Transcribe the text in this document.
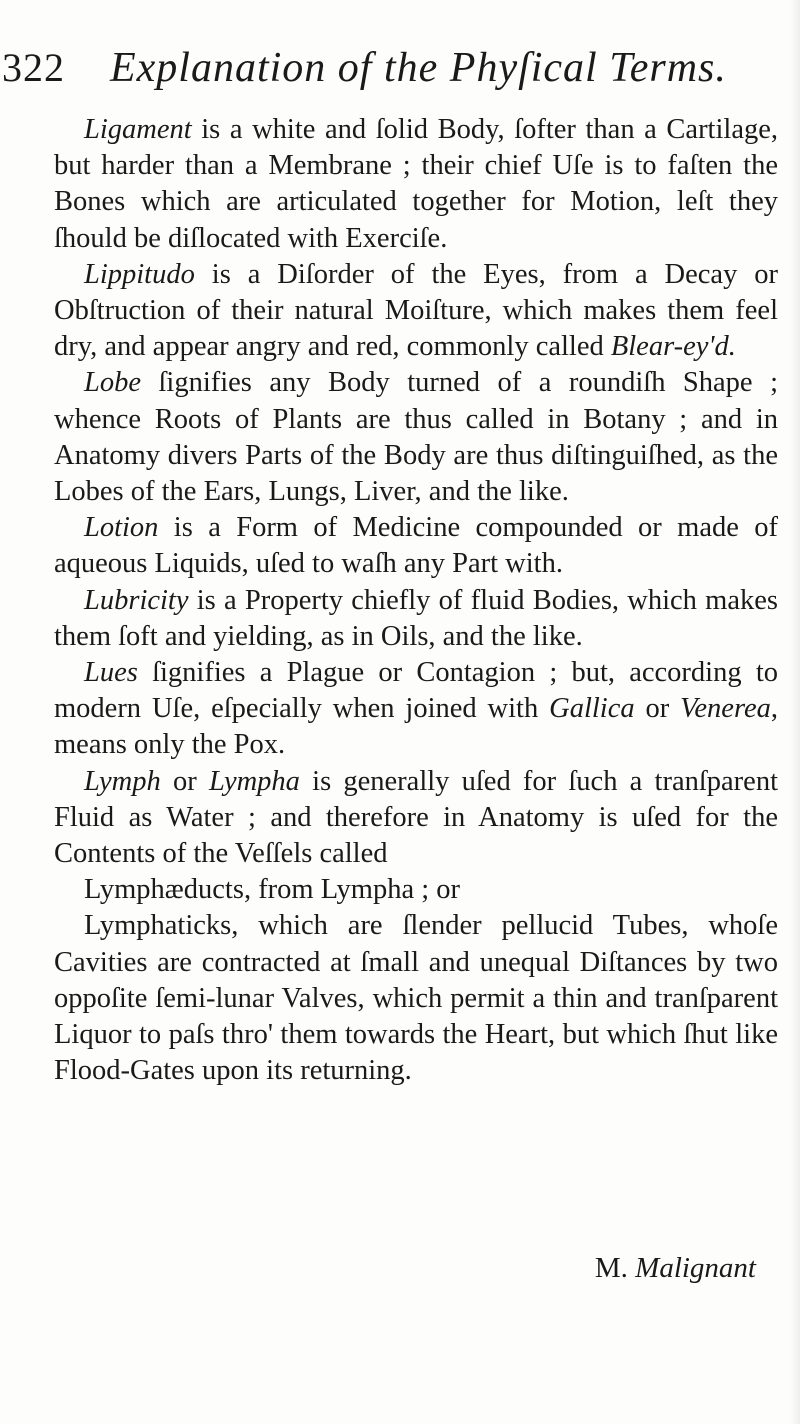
322 Explanation of the Phyſical Terms.

Ligament is a white and ſolid Body, ſofter than a Cartilage, but harder than a Membrane ; their chief Uſe is to faſten the Bones which are articulated together for Motion, leſt they ſhould be diſlocated with Exerciſe.

Lippitudo is a Diſorder of the Eyes, from a Decay or Obſtruction of their natural Moiſture, which makes them feel dry, and appear angry and red, commonly called Blear-ey'd.

Lobe ſignifies any Body turned of a roundiſh Shape ; whence Roots of Plants are thus called in Botany ; and in Anatomy divers Parts of the Body are thus diſtinguiſhed, as the Lobes of the Ears, Lungs, Liver, and the like.

Lotion is a Form of Medicine compounded or made of aqueous Liquids, uſed to waſh any Part with.

Lubricity is a Property chiefly of fluid Bodies, which makes them ſoft and yielding, as in Oils, and the like.

Lues ſignifies a Plague or Contagion ; but, according to modern Uſe, eſpecially when joined with Gallica or Venerea, means only the Pox.

Lymph or Lympha is generally uſed for ſuch a tranſparent Fluid as Water ; and therefore in Anatomy is uſed for the Contents of the Veſſels called

Lymphæducts, from Lympha ; or

Lymphaticks, which are ſlender pellucid Tubes, whoſe Cavities are contracted at ſmall and unequal Diſtances by two oppoſite ſemi-lunar Valves, which permit a thin and tranſparent Liquor to paſs thro' them towards the Heart, but which ſhut like Flood-Gates upon its returning.

M. Malignant
